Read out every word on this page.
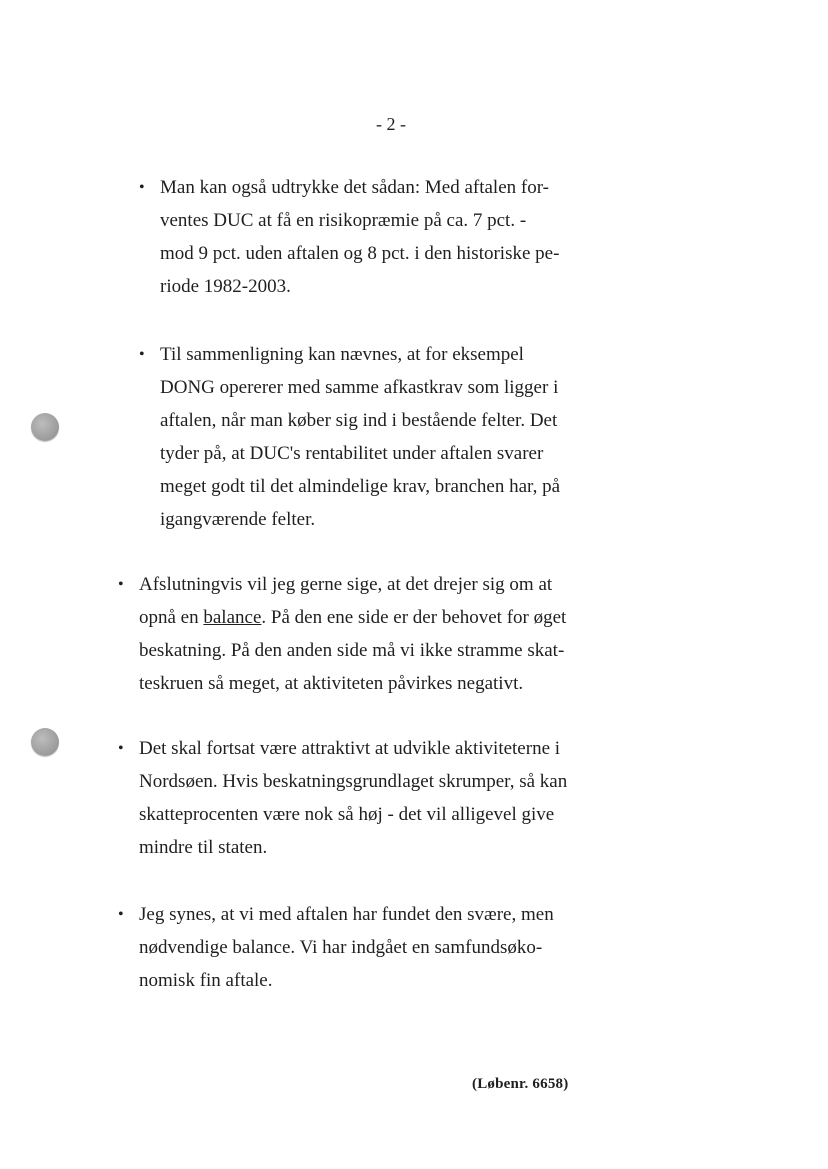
- 2 -
• Man kan også udtrykke det sådan: Med aftalen for-
ventes DUC at få en risikopræmie på ca. 7 pct. -
mod 9 pct. uden aftalen og 8 pct. i den historiske pe-
riode 1982-2003.
• Til sammenligning kan nævnes, at for eksempel
DONG opererer med samme afkastkrav som ligger i
aftalen, når man køber sig ind i bestående felter. Det
tyder på, at DUC's rentabilitet under aftalen svarer
meget godt til det almindelige krav, branchen har, på
igangværende felter.
• Afslutningvis vil jeg gerne sige, at det drejer sig om at
opnå en balance. På den ene side er der behovet for øget
beskatning. På den anden side må vi ikke stramme skat-
teskruen så meget, at aktiviteten påvirkes negativt.
• Det skal fortsat være attraktivt at udvikle aktiviteterne i
Nordsøen. Hvis beskatningsgrundlaget skrumper, så kan
skatteprocenten være nok så høj - det vil alligevel give
mindre til staten.
• Jeg synes, at vi med aftalen har fundet den svære, men
nødvendige balance. Vi har indgået en samfundsøko-
nomisk fin aftale.
(Løbenr. 6658)
